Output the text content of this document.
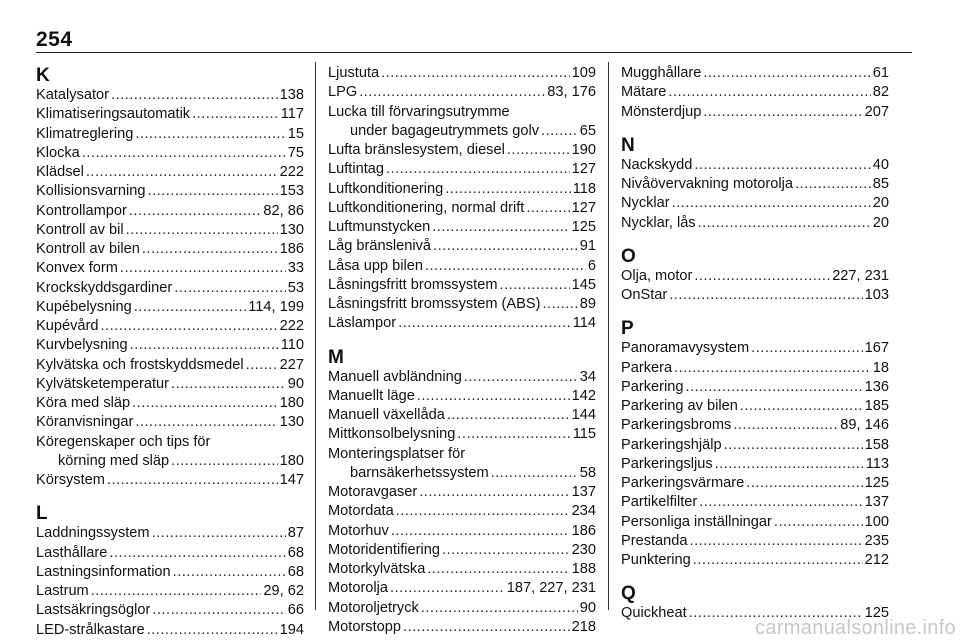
254
K
Katalysator .....	138
Klimatiseringsautomatik .....	117
Klimatreglering .....	15
Klocka .....	75
Klädsel .....	222
Kollisionsvarning .....	153
Kontrollampor .....	82, 86
Kontroll av bil .....	130
Kontroll av bilen .....	186
Konvex form .....	33
Krockskyddsgardiner .....	53
Kupébelysning .....	114, 199
Kupévård .....	222
Kurvbelysning .....	110
Kylvätska och frostskyddsmedel ..... 227
Kylvätsketemperatur .....	90
Köra med släp .....	180
Köranvisningar .....	130
Köregenskaper och tips för
körning med släp .....	180
Körsystem .....	147
L
Laddningssystem .....	87
Lasthållare .....	68
Lastningsinformation .....	68
Lastrum .....	29, 62
Lastsäkringsöglor .....	66
LED-strålkastare .....	194
Ljustuta .....	109
LPG .....	83, 176
Lucka till förvaringsutrymme
under bagageutrymmets golv .....	65
Lufta bränslesystem, diesel .....	190
Luftintag .....	127
Luftkonditionering .....	118
Luftkonditionering, normal drift .....	127
Luftmunstycken .....	125
Låg bränslenivå .....	91
Låsa upp bilen .....	6
Låsningsfritt bromssystem .....	145
Låsningsfritt bromssystem (ABS) .....	89
Läslampor .....	114
M
Manuell avbländning .....	34
Manuellt läge .....	142
Manuell växellåda .....	144
Mittkonsolbelysning .....	115
Monteringsplatser för
barnsäkerhetssystem .....	58
Motoravgaser .....	137
Motordata .....	234
Motorhuv .....	186
Motoridentifiering .....	230
Motorkylvätska .....	188
Motorolja .....	187, 227, 231
Motoroljetryck .....	90
Motorstopp .....	218
Mugghållare .....	61
Mätare .....	82
Mönsterdjup .....	207
N
Nackskydd .....	40
Nivåövervakning motorolja .....	85
Nycklar .....	20
Nycklar, lås .....	20
O
Olja, motor .....	227, 231
OnStar .....	103
P
Panoramavysystem .....	167
Parkera .....	18
Parkering .....	136
Parkering av bilen .....	185
Parkeringsbroms .....	89, 146
Parkeringshjälp .....	158
Parkeringsljus .....	113
Parkeringsvärmare .....	125
Partikelfilter .....	137
Personliga inställningar .....	100
Prestanda .....	235
Punktering .....	212
Q
Quickheat .....	125
carmanualsonline.info
